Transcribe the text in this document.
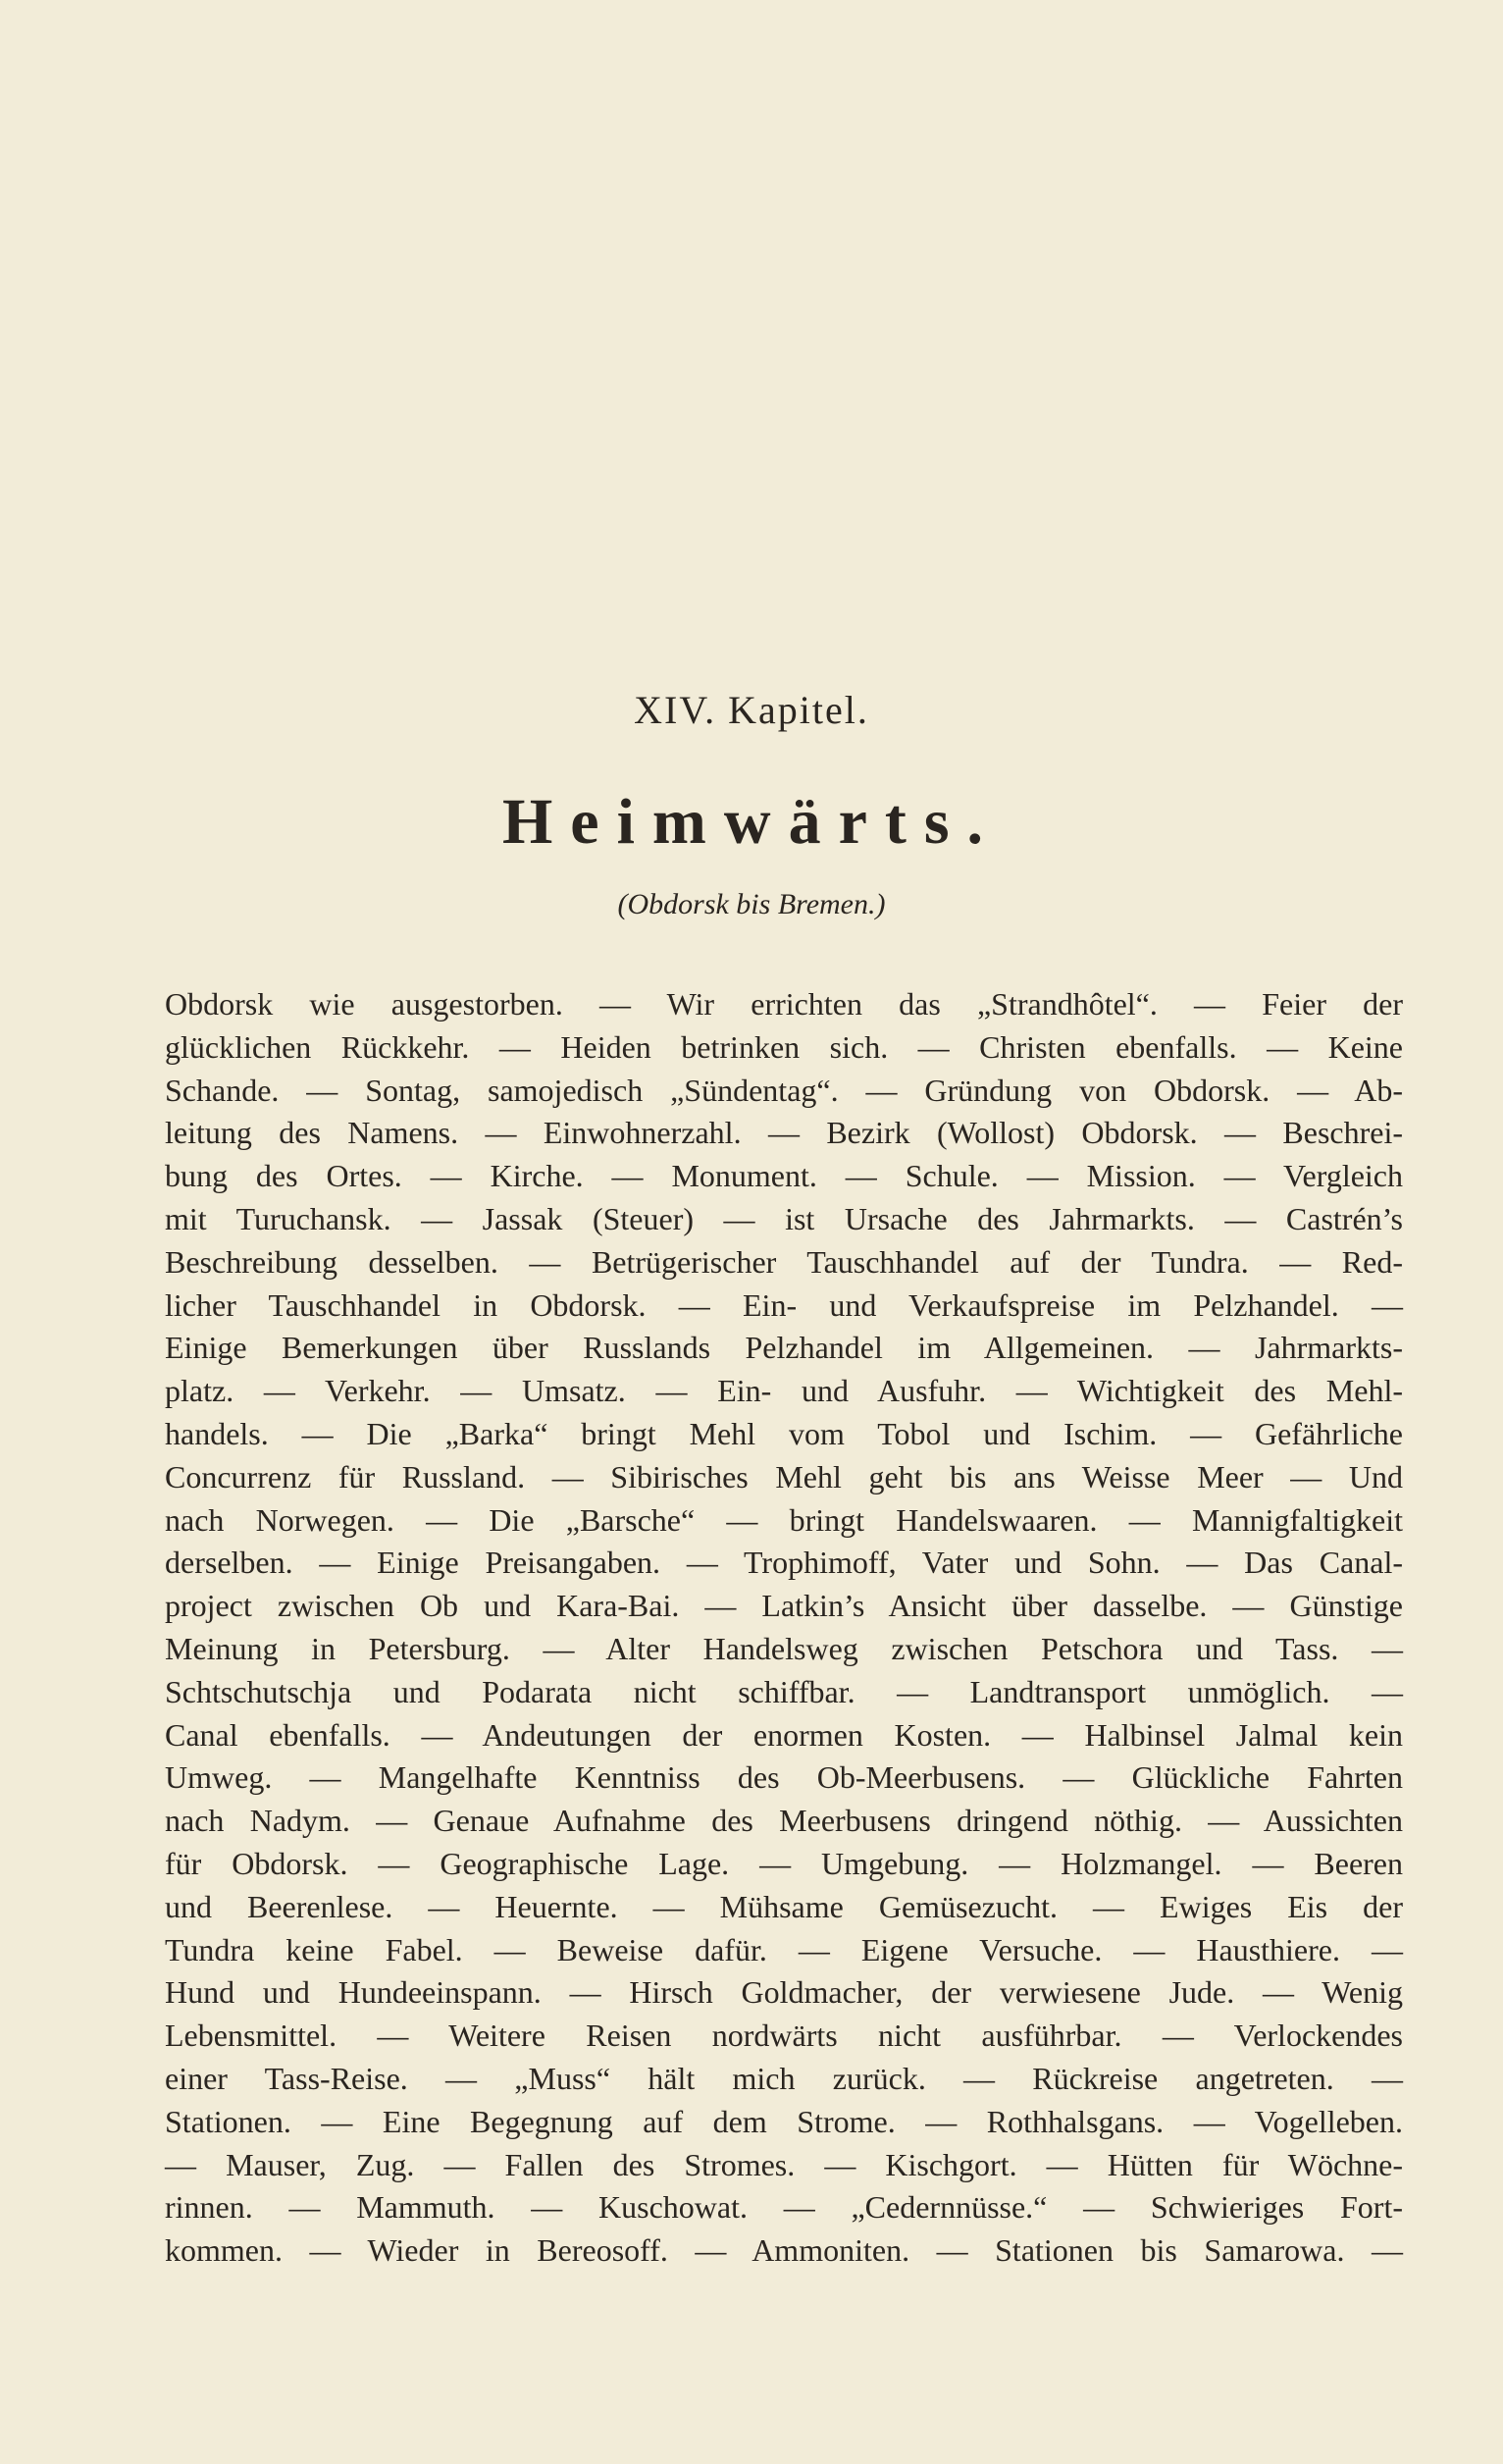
XIV. Kapitel.
Heimwärts.
(Obdorsk bis Bremen.)
Obdorsk wie ausgestorben. — Wir errichten das „Strandhôtel“. — Feier der
glücklichen Rückkehr. — Heiden betrinken sich. — Christen ebenfalls. — Keine
Schande. — Sontag, samojedisch „Sündentag“. — Gründung von Obdorsk. — Ab-
leitung des Namens. — Einwohnerzahl. — Bezirk (Wollost) Obdorsk. — Beschrei-
bung des Ortes. — Kirche. — Monument. — Schule. — Mission. — Vergleich
mit Turuchansk. — Jassak (Steuer) — ist Ursache des Jahrmarkts. — Castrén’s
Beschreibung desselben. — Betrügerischer Tauschhandel auf der Tundra. — Red-
licher Tauschhandel in Obdorsk. — Ein- und Verkaufspreise im Pelzhandel. —
Einige Bemerkungen über Russlands Pelzhandel im Allgemeinen. — Jahrmarkts-
platz. — Verkehr. — Umsatz. — Ein- und Ausfuhr. — Wichtigkeit des Mehl-
handels. — Die „Barka“ bringt Mehl vom Tobol und Ischim. — Gefährliche
Concurrenz für Russland. — Sibirisches Mehl geht bis ans Weisse Meer — Und
nach Norwegen. — Die „Barsche“ — bringt Handelswaaren. — Mannigfaltigkeit
derselben. — Einige Preisangaben. — Trophimoff, Vater und Sohn. — Das Canal-
project zwischen Ob und Kara-Bai. — Latkin’s Ansicht über dasselbe. — Günstige
Meinung in Petersburg. — Alter Handelsweg zwischen Petschora und Tass. —
Schtschutschja und Podarata nicht schiffbar. — Landtransport unmöglich. —
Canal ebenfalls. — Andeutungen der enormen Kosten. — Halbinsel Jalmal kein
Umweg. — Mangelhafte Kenntniss des Ob-Meerbusens. — Glückliche Fahrten
nach Nadym. — Genaue Aufnahme des Meerbusens dringend nöthig. — Aussichten
für Obdorsk. — Geographische Lage. — Umgebung. — Holzmangel. — Beeren
und Beerenlese. — Heuernte. — Mühsame Gemüsezucht. — Ewiges Eis der
Tundra keine Fabel. — Beweise dafür. — Eigene Versuche. — Hausthiere. —
Hund und Hundeeinspann. — Hirsch Goldmacher, der verwiesene Jude. — Wenig
Lebensmittel. — Weitere Reisen nordwärts nicht ausführbar. — Verlockendes
einer Tass-Reise. — „Muss“ hält mich zurück. — Rückreise angetreten. —
Stationen. — Eine Begegnung auf dem Strome. — Rothhalsgans. — Vogelleben.
— Mauser, Zug. — Fallen des Stromes. — Kischgort. — Hütten für Wöchne-
rinnen. — Mammuth. — Kuschowat. — „Cedernnüsse.“ — Schwieriges Fort-
kommen. — Wieder in Bereosoff. — Ammoniten. — Stationen bis Samarowa. —
